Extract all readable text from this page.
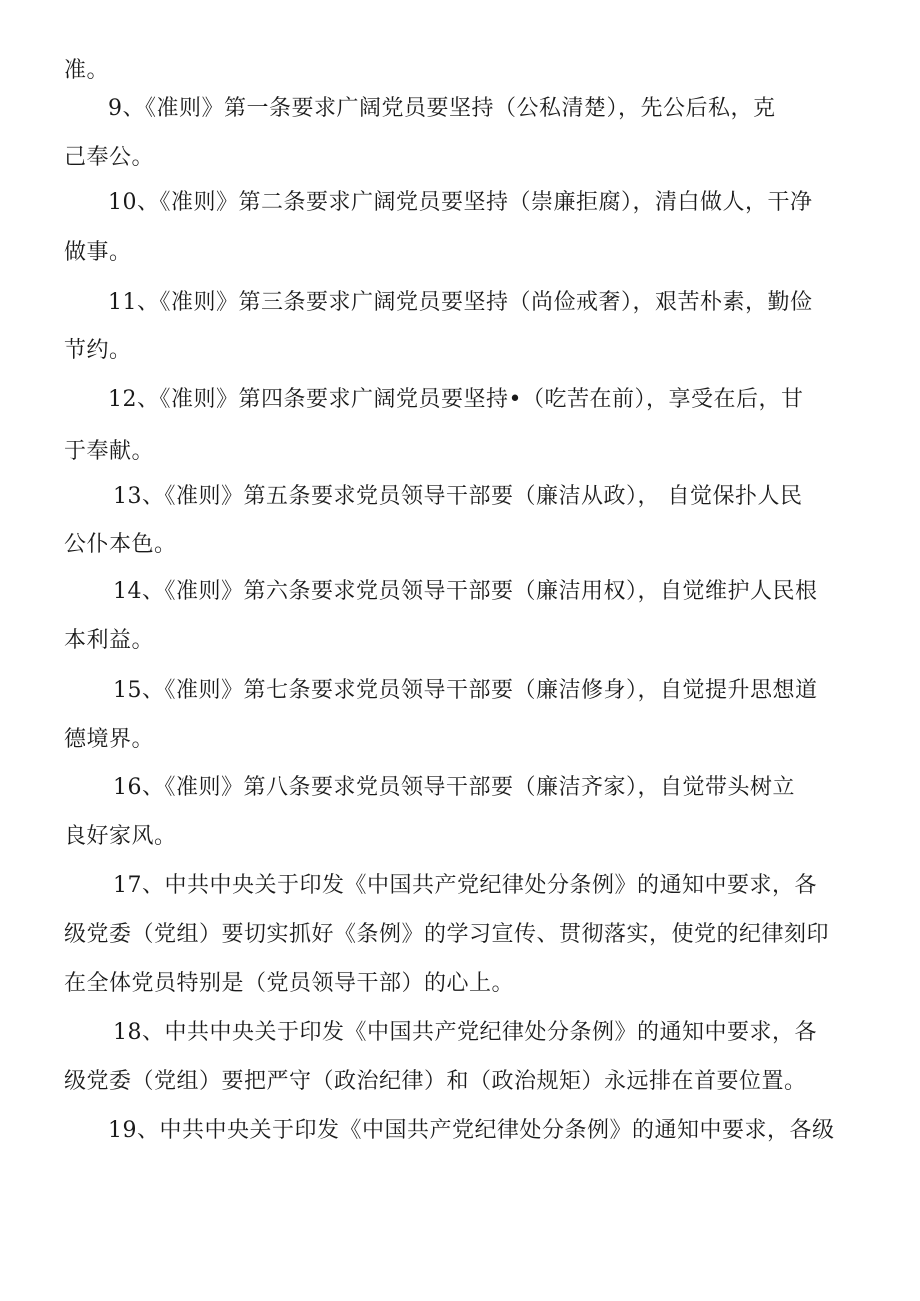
准。
9、《准则》第一条要求广阔党员要坚持（公私清楚），先公后私，克
己奉公。
10、《准则》第二条要求广阔党员要坚持（崇廉拒腐），清白做人，干净
做事。
11、《准则》第三条要求广阔党员要坚持（尚俭戒奢），艰苦朴素，勤俭
节约。
12、《准则》第四条要求广阔党员要坚持•（吃苦在前），享受在后，甘
于奉献。
13、《准则》第五条要求党员领导干部要（廉洁从政）， 自觉保扑人民
公仆本色。
14、《准则》第六条要求党员领导干部要（廉洁用权），自觉维护人民根
本利益。
15、《准则》第七条要求党员领导干部要（廉洁修身），自觉提升思想道
德境界。
16、《准则》第八条要求党员领导干部要（廉洁齐家），自觉带头树立
良好家风。
17、中共中央关于印发《中国共产党纪律处分条例》的通知中要求，各
级党委（党组）要切实抓好《条例》的学习宣传、贯彻落实，使党的纪律刻印
在全体党员特别是（党员领导干部）的心上。
18、中共中央关于印发《中国共产党纪律处分条例》的通知中要求，各
级党委（党组）要把严守（政治纪律）和（政治规矩）永远排在首要位置。
19、中共中央关于印发《中国共产党纪律处分条例》的通知中要求，各级
